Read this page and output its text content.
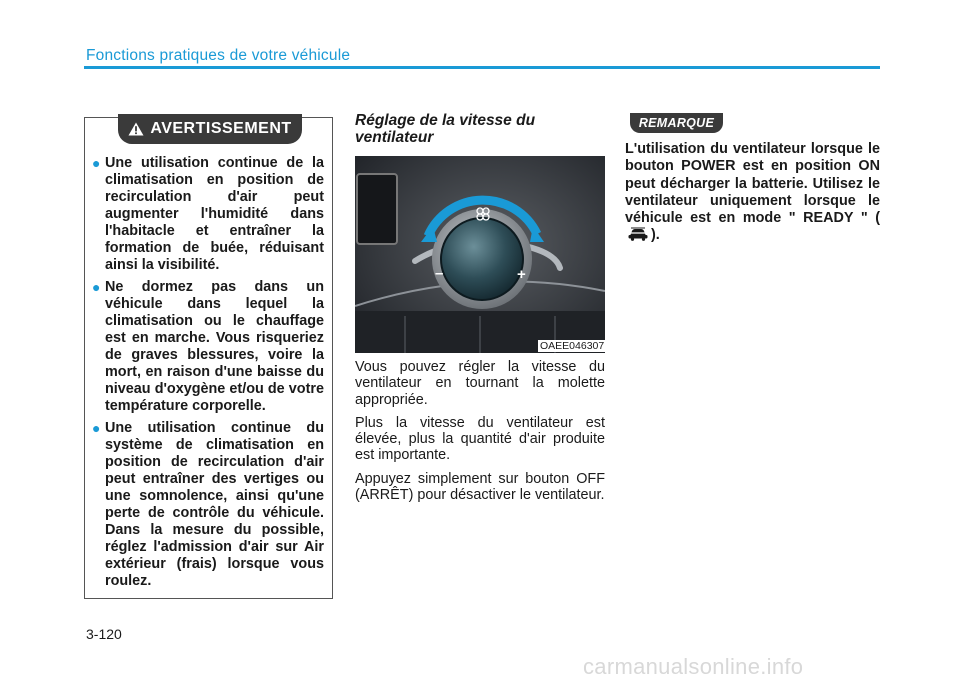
Fonctions pratiques de votre véhicule
AVERTISSEMENT
● Une utilisation continue de la climatisation en position de recirculation d'air peut augmenter l'humidité dans l'habitacle et entraîner la formation de buée, réduisant ainsi la visibilité.
● Ne dormez pas dans un véhicule dans lequel la climatisation ou le chauffage est en marche. Vous risqueriez de graves blessures, voire la mort, en raison d'une baisse du niveau d'oxygène et/ou de votre température corporelle.
● Une utilisation continue du système de climatisation en position de recirculation d'air peut entraîner des vertiges ou une somnolence, ainsi qu'une perte de contrôle du véhicule. Dans la mesure du possible, réglez l'admission d'air sur Air extérieur (frais) lorsque vous roulez.
Réglage de la vitesse du ventilateur
–	+
OAEE046307

Vous pouvez régler la vitesse du ventilateur en tournant la molette appropriée.

Plus la vitesse du ventilateur est élevée, plus la quantité d'air produite est importante.

Appuyez simplement sur bouton OFF (ARRÊT) pour désactiver le ventilateur.

REMARQUE
L'utilisation du ventilateur lorsque le bouton POWER est en position ON peut décharger la batterie. Utilisez le ventilateur uniquement lorsque le véhicule est en mode " READY " ().
3-120
carmanualsonline.info
